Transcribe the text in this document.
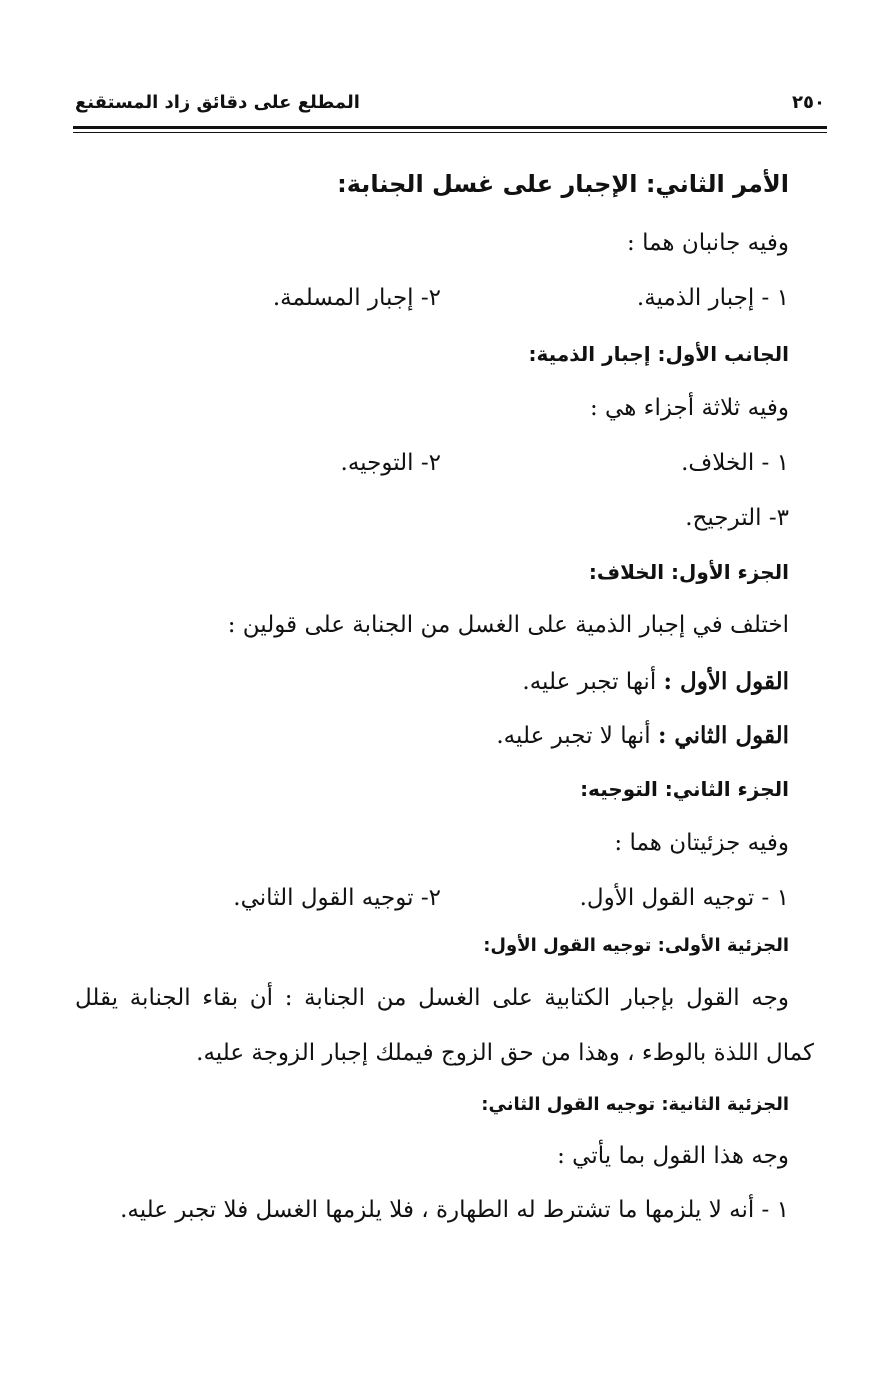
المطلع على دقائق زاد المستقنع	٢٥٠
الأمر الثاني: الإجبار على غسل الجنابة:
وفيه جانبان هما :
١ - إجبار الذمية.
٢- إجبار المسلمة.
الجانب الأول: إجبار الذمية:
وفيه ثلاثة أجزاء هي :
١ - الخلاف.
٢- التوجيه.
٣- الترجيح.
الجزء الأول: الخلاف:
اختلف في إجبار الذمية على الغسل من الجنابة على قولين :
القول الأول : أنها تجبر عليه.
القول الثاني : أنها لا تجبر عليه.
الجزء الثاني: التوجيه:
وفيه جزئيتان هما :
١ - توجيه القول الأول.
٢- توجيه القول الثاني.
الجزئية الأولى: توجيه القول الأول:
وجه القول بإجبار الكتابية على الغسل من الجنابة : أن بقاء الجنابة يقلل
كمال اللذة بالوطء ، وهذا من حق الزوج فيملك إجبار الزوجة عليه.
الجزئية الثانية: توجيه القول الثاني:
وجه هذا القول بما يأتي :
١ - أنه لا يلزمها ما تشترط له الطهارة ، فلا يلزمها الغسل فلا تجبر عليه.
